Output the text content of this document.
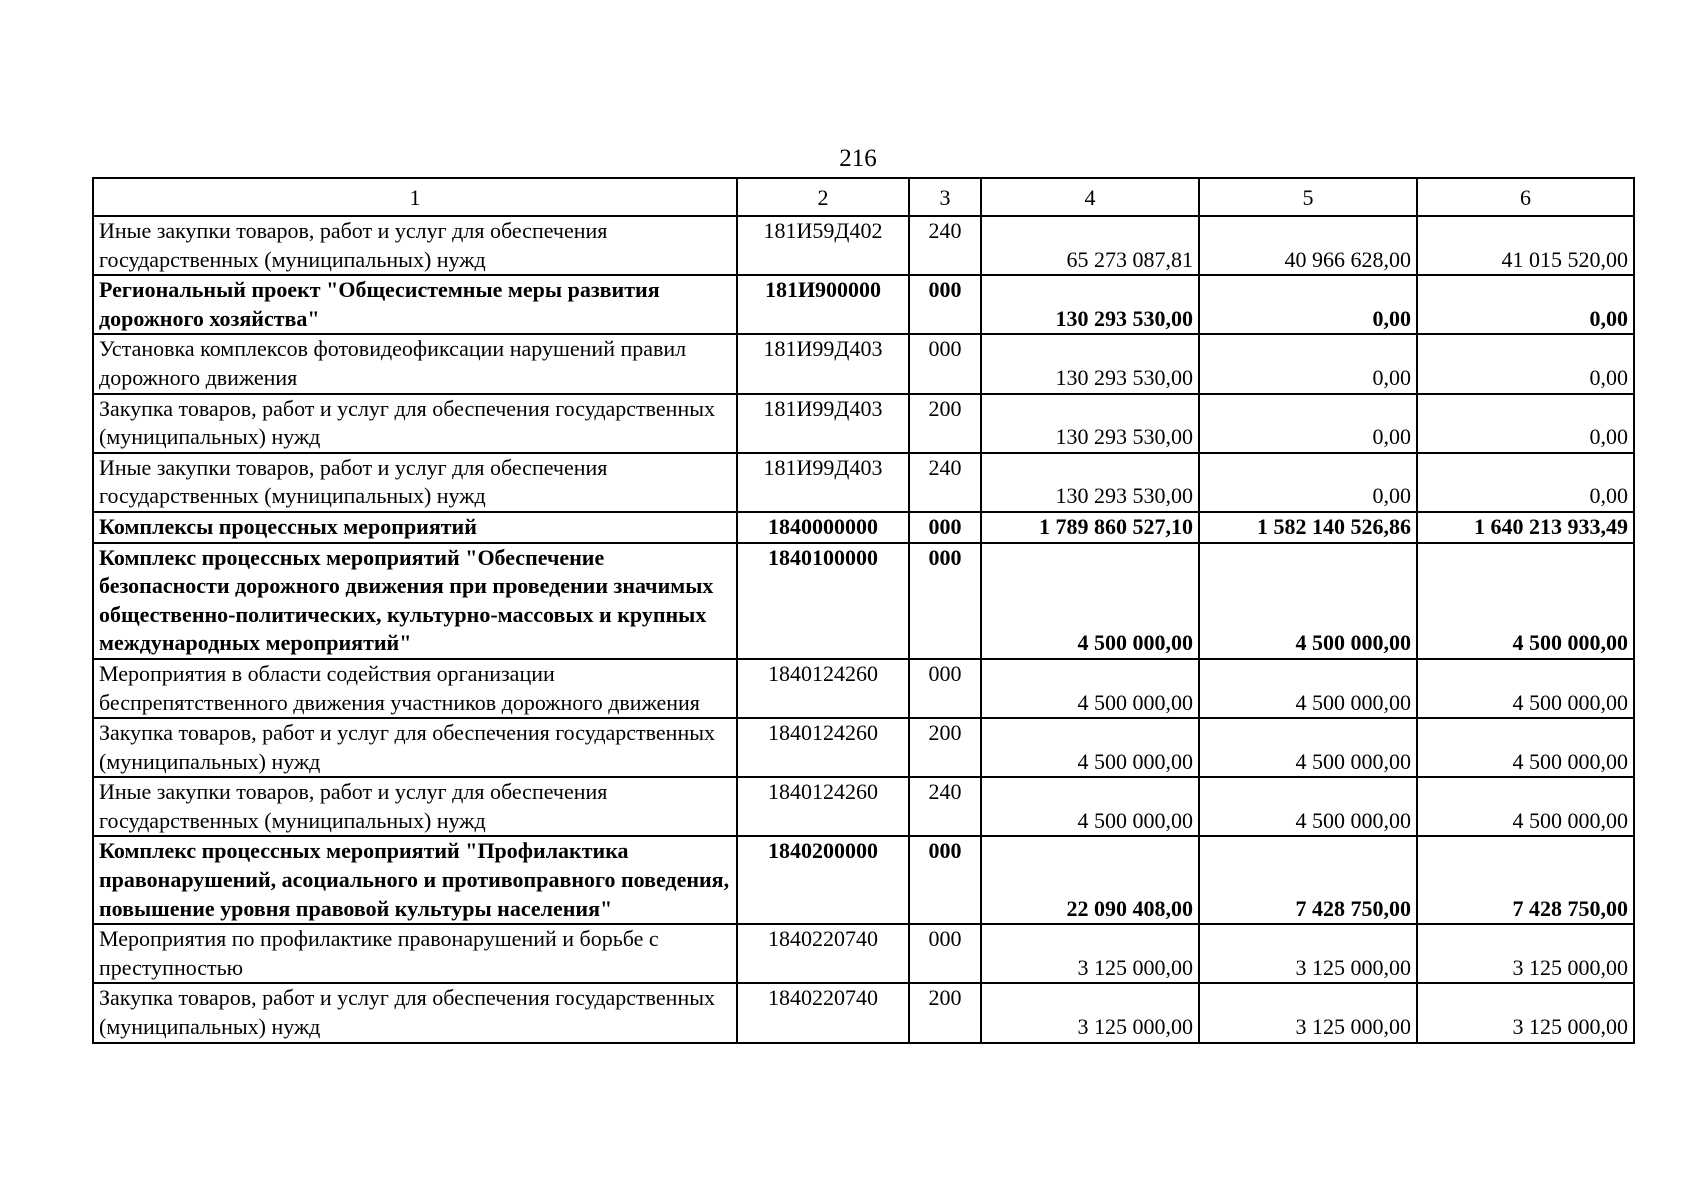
216
1	2	3	4	5	6
Иные закупки товаров, работ и услуг для обеспечения государственных (муниципальных) нужд	181И59Д402	240	65 273 087,81	40 966 628,00	41 015 520,00
Региональный проект "Общесистемные меры развития дорожного хозяйства"	181И900000	000	130 293 530,00	0,00	0,00
Установка комплексов фотовидеофиксации нарушений правил дорожного движения	181И99Д403	000	130 293 530,00	0,00	0,00
Закупка товаров, работ и услуг для обеспечения государственных (муниципальных) нужд	181И99Д403	200	130 293 530,00	0,00	0,00
Иные закупки товаров, работ и услуг для обеспечения государственных (муниципальных) нужд	181И99Д403	240	130 293 530,00	0,00	0,00
Комплексы процессных мероприятий	1840000000	000	1 789 860 527,10	1 582 140 526,86	1 640 213 933,49
Комплекс процессных мероприятий "Обеспечение безопасности дорожного движения при проведении значимых общественно-политических, культурно-массовых и крупных международных мероприятий"	1840100000	000	4 500 000,00	4 500 000,00	4 500 000,00
Мероприятия в области содействия организации беспрепятственного движения участников дорожного движения	1840124260	000	4 500 000,00	4 500 000,00	4 500 000,00
Закупка товаров, работ и услуг для обеспечения государственных (муниципальных) нужд	1840124260	200	4 500 000,00	4 500 000,00	4 500 000,00
Иные закупки товаров, работ и услуг для обеспечения государственных (муниципальных) нужд	1840124260	240	4 500 000,00	4 500 000,00	4 500 000,00
Комплекс процессных мероприятий "Профилактика правонарушений, асоциального и противоправного поведения, повышение уровня правовой культуры населения"	1840200000	000	22 090 408,00	7 428 750,00	7 428 750,00
Мероприятия по профилактике правонарушений и борьбе с преступностью	1840220740	000	3 125 000,00	3 125 000,00	3 125 000,00
Закупка товаров, работ и услуг для обеспечения государственных (муниципальных) нужд	1840220740	200	3 125 000,00	3 125 000,00	3 125 000,00
